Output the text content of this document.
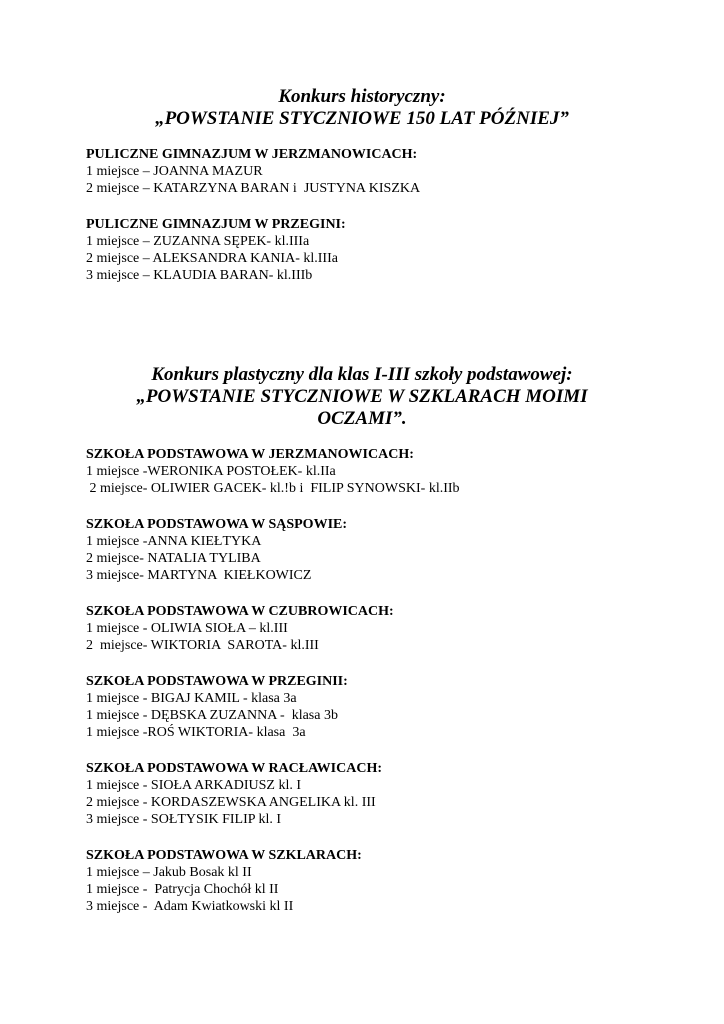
Konkurs historyczny:

„POWSTANIE STYCZNIOWE 150 LAT PÓŹNIEJ”

PULICZNE GIMNAZJUM W JERZMANOWICACH:

1 miejsce – JOANNA MAZUR

2 miejsce – KATARZYNA BARAN i  JUSTYNA KISZKA

PULICZNE GIMNAZJUM W PRZEGINI:

1 miejsce – ZUZANNA SĘPEK- kl.IIIa

2 miejsce – ALEKSANDRA KANIA- kl.IIIa

3 miejsce – KLAUDIA BARAN- kl.IIIb

Konkurs plastyczny dla klas I-III szkoły podstawowej:

„POWSTANIE STYCZNIOWE W SZKLARACH MOIMI

OCZAMI”.

SZKOŁA PODSTAWOWA W JERZMANOWICACH:

1 miejsce -WERONIKA POSTOŁEK- kl.IIa

2 miejsce- OLIWIER GACEK- kl.!b i  FILIP SYNOWSKI- kl.IIb

SZKOŁA PODSTAWOWA W SĄSPOWIE:

1 miejsce -ANNA KIEŁTYKA

2 miejsce- NATALIA TYLIBA

3 miejsce- MARTYNA  KIEŁKOWICZ

SZKOŁA PODSTAWOWA W CZUBROWICACH:

1 miejsce - OLIWIA SIOŁA – kl.III

2  miejsce- WIKTORIA  SAROTA- kl.III

SZKOŁA PODSTAWOWA W PRZEGINII:

1 miejsce - BIGAJ KAMIL - klasa 3a

1 miejsce - DĘBSKA ZUZANNA -  klasa 3b

1 miejsce -ROŚ WIKTORIA- klasa  3a

SZKOŁA PODSTAWOWA W RACŁAWICACH:

1 miejsce - SIOŁA ARKADIUSZ kl. I

2 miejsce - KORDASZEWSKA ANGELIKA kl. III

3 miejsce - SOŁTYSIK FILIP kl. I

SZKOŁA PODSTAWOWA W SZKLARACH:

1 miejsce – Jakub Bosak kl II

1 miejsce -  Patrycja Chochół kl II

3 miejsce -  Adam Kwiatkowski kl II
